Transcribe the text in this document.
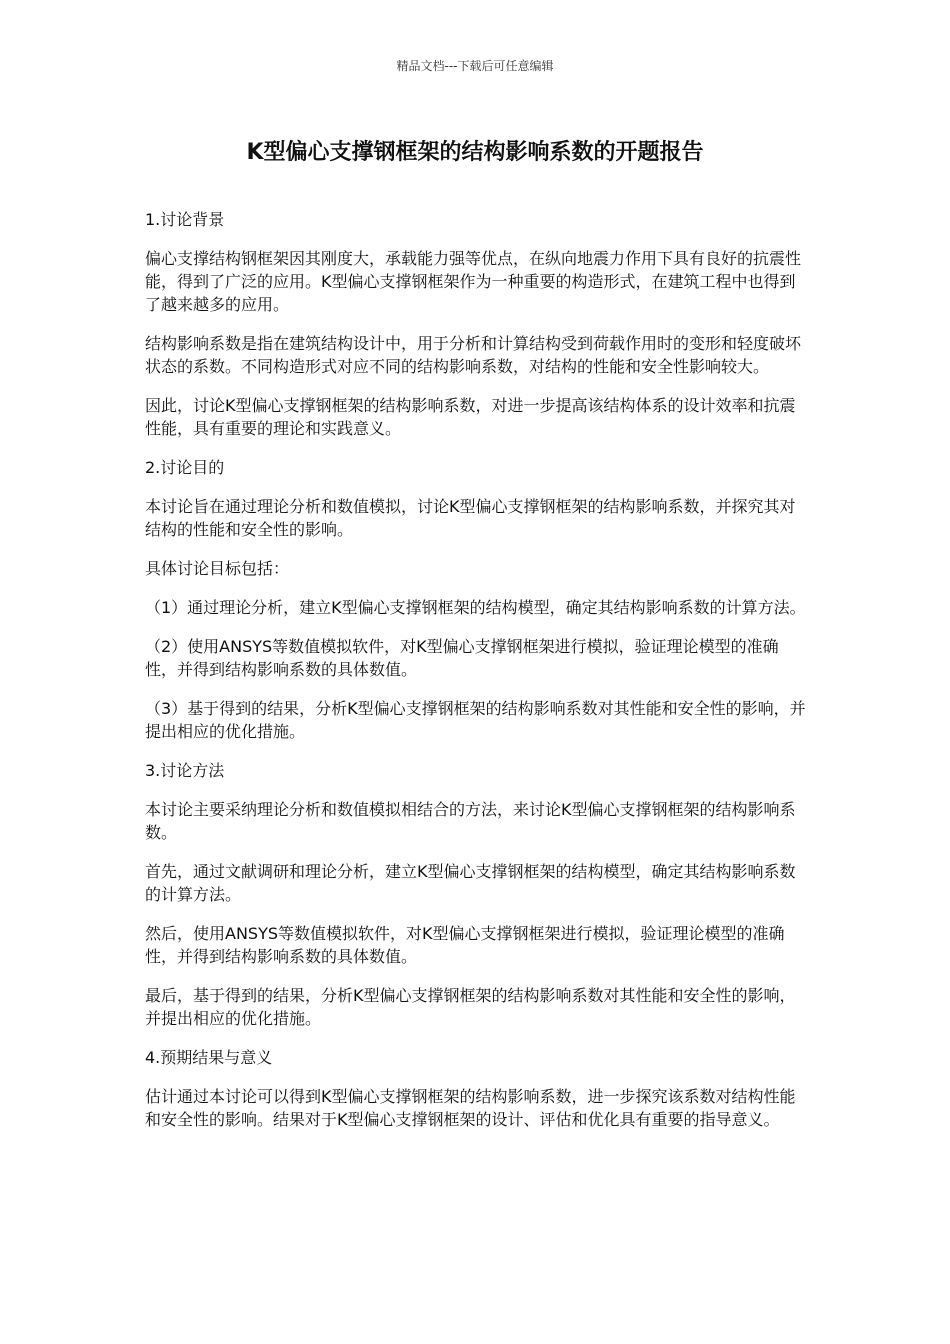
精品文档---下载后可任意编辑
K型偏心支撑钢框架的结构影响系数的开题报告

1.讨论背景

偏心支撑结构钢框架因其刚度大，承载能力强等优点，在纵向地震力作用下具有良好的抗震性能，得到了广泛的应用。K型偏心支撑钢框架作为一种重要的构造形式，在建筑工程中也得到了越来越多的应用。

结构影响系数是指在建筑结构设计中，用于分析和计算结构受到荷载作用时的变形和轻度破坏状态的系数。不同构造形式对应不同的结构影响系数，对结构的性能和安全性影响较大。

因此，讨论K型偏心支撑钢框架的结构影响系数，对进一步提高该结构体系的设计效率和抗震性能，具有重要的理论和实践意义。

2.讨论目的

本讨论旨在通过理论分析和数值模拟，讨论K型偏心支撑钢框架的结构影响系数，并探究其对结构的性能和安全性的影响。

具体讨论目标包括：

（1）通过理论分析，建立K型偏心支撑钢框架的结构模型，确定其结构影响系数的计算方法。

（2）使用ANSYS等数值模拟软件，对K型偏心支撑钢框架进行模拟，验证理论模型的准确性，并得到结构影响系数的具体数值。

（3）基于得到的结果，分析K型偏心支撑钢框架的结构影响系数对其性能和安全性的影响，并提出相应的优化措施。

3.讨论方法

本讨论主要采纳理论分析和数值模拟相结合的方法，来讨论K型偏心支撑钢框架的结构影响系数。

首先，通过文献调研和理论分析，建立K型偏心支撑钢框架的结构模型，确定其结构影响系数的计算方法。

然后，使用ANSYS等数值模拟软件，对K型偏心支撑钢框架进行模拟，验证理论模型的准确性，并得到结构影响系数的具体数值。

最后，基于得到的结果，分析K型偏心支撑钢框架的结构影响系数对其性能和安全性的影响，并提出相应的优化措施。

4.预期结果与意义

估计通过本讨论可以得到K型偏心支撑钢框架的结构影响系数，进一步探究该系数对结构性能和安全性的影响。结果对于K型偏心支撑钢框架的设计、评估和优化具有重要的指导意义。
